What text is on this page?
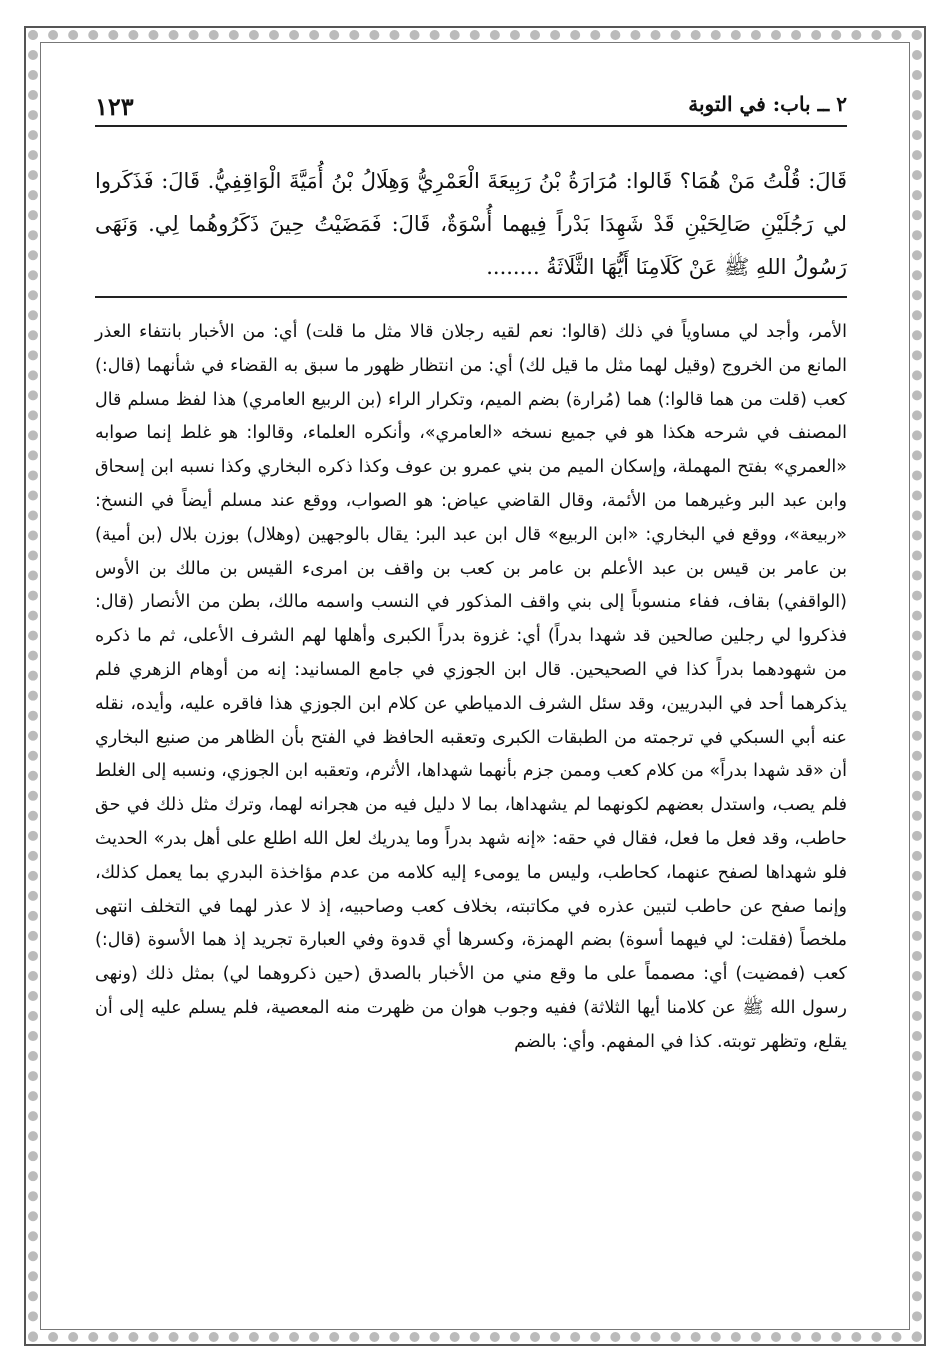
٢ ــ باب: في التوبة
١٢٣
قَالَ: قُلْتُ مَنْ هُمَا؟ قَالوا: مُرَارَةُ بْنُ رَبِيعَةَ الْعَمْرِيُّ وَهِلَالُ بْنُ أُمَيَّةَ الْوَاقِفِيُّ. قَالَ: فَذَكَروا لي رَجُلَيْنِ صَالِحَيْنِ قَدْ شَهِدَا بَدْراً فِيهما أُسْوَةٌ، قَالَ: فَمَضَيْتُ حِينَ ذَكَرُوهُما لِي. وَنَهَى رَسُولُ اللهِ ﷺ عَنْ كَلَامِنَا أَيُّهَا الثَّلَاثَةُ ........

الأمر، وأجد لي مساوياً في ذلك (قالوا: نعم لقيه رجلان قالا مثل ما قلت) أي: من الأخبار بانتفاء العذر المانع من الخروج (وقيل لهما مثل ما قيل لك) أي: من انتظار ظهور ما سبق به القضاء في شأنهما (قال:) كعب (قلت من هما قالوا:) هما (مُرارة) بضم الميم، وتكرار الراء (بن الربيع العامري) هذا لفظ مسلم قال المصنف في شرحه هكذا هو في جميع نسخه «العامري»، وأنكره العلماء، وقالوا: هو غلط إنما صوابه «العمري» بفتح المهملة، وإسكان الميم من بني عمرو بن عوف وكذا ذكره البخاري وكذا نسبه ابن إسحاق وابن عبد البر وغيرهما من الأئمة، وقال القاضي عياض: هو الصواب، ووقع عند مسلم أيضاً في النسخ: «ربيعة»، ووقع في البخاري: «ابن الربيع» قال ابن عبد البر: يقال بالوجهين (وهلال) بوزن بلال (بن أمية) بن عامر بن قيس بن عبد الأعلم بن عامر بن كعب بن واقف بن امرىء القيس بن مالك بن الأوس (الواقفي) بقاف، ففاء منسوباً إلى بني واقف المذكور في النسب واسمه مالك، بطن من الأنصار (قال: فذكروا لي رجلين صالحين قد شهدا بدراً) أي: غزوة بدراً الكبرى وأهلها لهم الشرف الأعلى، ثم ما ذكره من شهودهما بدراً كذا في الصحيحين. قال ابن الجوزي في جامع المسانيد: إنه من أوهام الزهري فلم يذكرهما أحد في البدريين، وقد سئل الشرف الدمياطي عن كلام ابن الجوزي هذا فاقره عليه، وأيده، نقله عنه أبي السبكي في ترجمته من الطبقات الكبرى وتعقبه الحافظ في الفتح بأن الظاهر من صنيع البخاري أن «قد شهدا بدراً» من كلام كعب وممن جزم بأنهما شهداها، الأثرم، وتعقبه ابن الجوزي، ونسبه إلى الغلط فلم يصب، واستدل بعضهم لكونهما لم يشهداها، بما لا دليل فيه من هجرانه لهما، وترك مثل ذلك في حق حاطب، وقد فعل ما فعل، فقال في حقه: «إنه شهد بدراً وما يدريك لعل الله اطلع على أهل بدر» الحديث فلو شهداها لصفح عنهما، كحاطب، وليس ما يومىء إليه كلامه من عدم مؤاخذة البدري بما يعمل كذلك، وإنما صفح عن حاطب لتبين عذره في مكاتبته، بخلاف كعب وصاحبيه، إذ لا عذر لهما في التخلف انتهى ملخصاً (فقلت: لي فيهما أسوة) بضم الهمزة، وكسرها أي قدوة وفي العبارة تجريد إذ هما الأسوة (قال:) كعب (فمضيت) أي: مصمماً على ما وقع مني من الأخبار بالصدق (حين ذكروهما لي) بمثل ذلك (ونهى رسول الله ﷺ عن كلامنا أيها الثلاثة) ففيه وجوب هوان من ظهرت منه المعصية، فلم يسلم عليه إلى أن يقلع، وتظهر توبته. كذا في المفهم. وأي: بالضم
